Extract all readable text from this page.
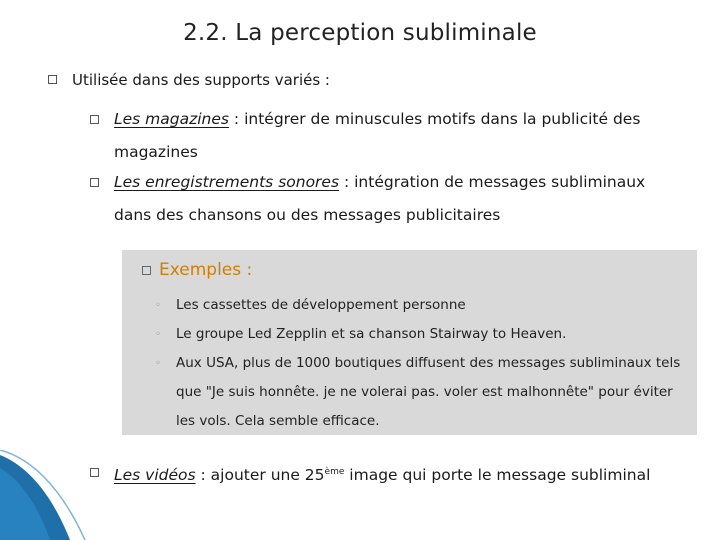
2.2. La perception subliminale
Utilisée dans des supports variés :
Les magazines : intégrer de minuscules motifs dans la publicité des
magazines
Les enregistrements sonores : intégration de messages subliminaux
dans des chansons ou des messages publicitaires
Exemples :
◦ Les cassettes de développement personne
◦ Le groupe Led Zepplin et sa chanson Stairway to Heaven.
◦ Aux USA, plus de 1000 boutiques diffusent des messages subliminaux tels que "Je suis honnête. je ne volerai pas. voler est malhonnête" pour éviter les vols. Cela semble efficace.
Les vidéos : ajouter une 25ème image qui porte le message subliminal
